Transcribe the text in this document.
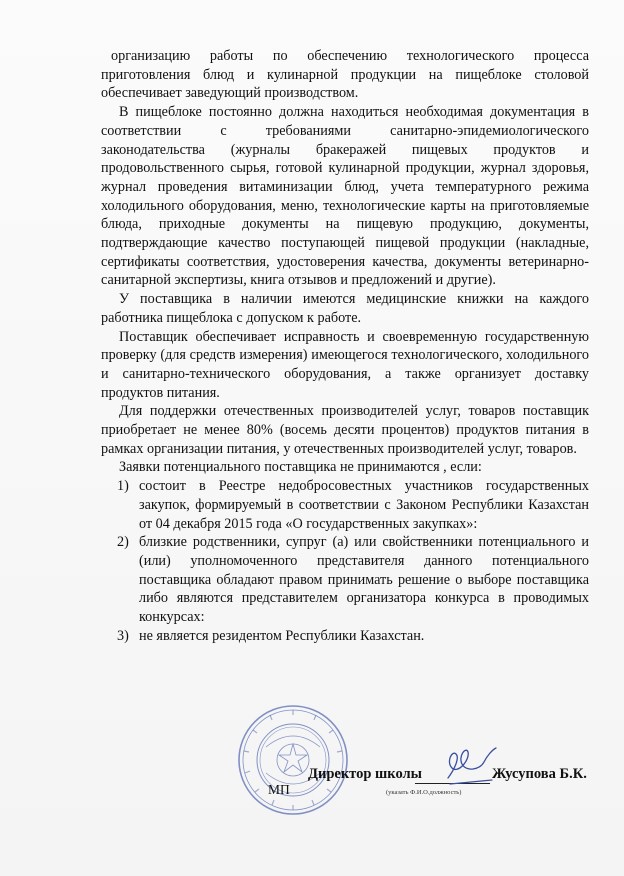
организацию работы по обеспечению технологического процесса приготовления блюд и кулинарной продукции на пищеблоке столовой обеспечивает заведующий производством.

В пищеблоке постоянно должна находиться необходимая документация в соответствии с требованиями санитарно-эпидемиологического законодательства (журналы бракеражей пищевых продуктов и продовольственного сырья, готовой кулинарной продукции, журнал здоровья, журнал проведения витаминизации блюд, учета температурного режима холодильного оборудования, меню, технологические карты на приготовляемые блюда, приходные документы на пищевую продукцию, документы, подтверждающие качество поступающей пищевой продукции (накладные, сертификаты соответствия, удостоверения качества, документы ветеринарно-санитарной экспертизы, книга отзывов и предложений и другие).

У поставщика в наличии имеются медицинские книжки на каждого работника пищеблока с допуском к работе.

Поставщик обеспечивает исправность и своевременную государственную проверку (для средств измерения) имеющегося технологического, холодильного и санитарно-технического оборудования, а также организует доставку продуктов питания.

Для поддержки отечественных производителей услуг, товаров поставщик приобретает не менее 80% (восемь десяти процентов) продуктов питания в рамках организации питания, у отечественных производителей услуг, товаров.

Заявки потенциального поставщика не принимаются , если:

1) состоит в Реестре недобросовестных участников государственных закупок, формируемый в соответствии с Законом Республики Казахстан от 04 декабря 2015 года «О государственных закупках»:
2) близкие родственники, супруг (а) или свойственники потенциального и (или) уполномоченного представителя данного потенциального поставщика обладают правом принимать решение о выборе поставщика либо являются представителем организатора конкурса в проводимых конкурсах:
3) не является резидентом Республики Казахстан.
МП
Директор школы	Жусупова Б.К.
(указать Ф.И.О.должность)
